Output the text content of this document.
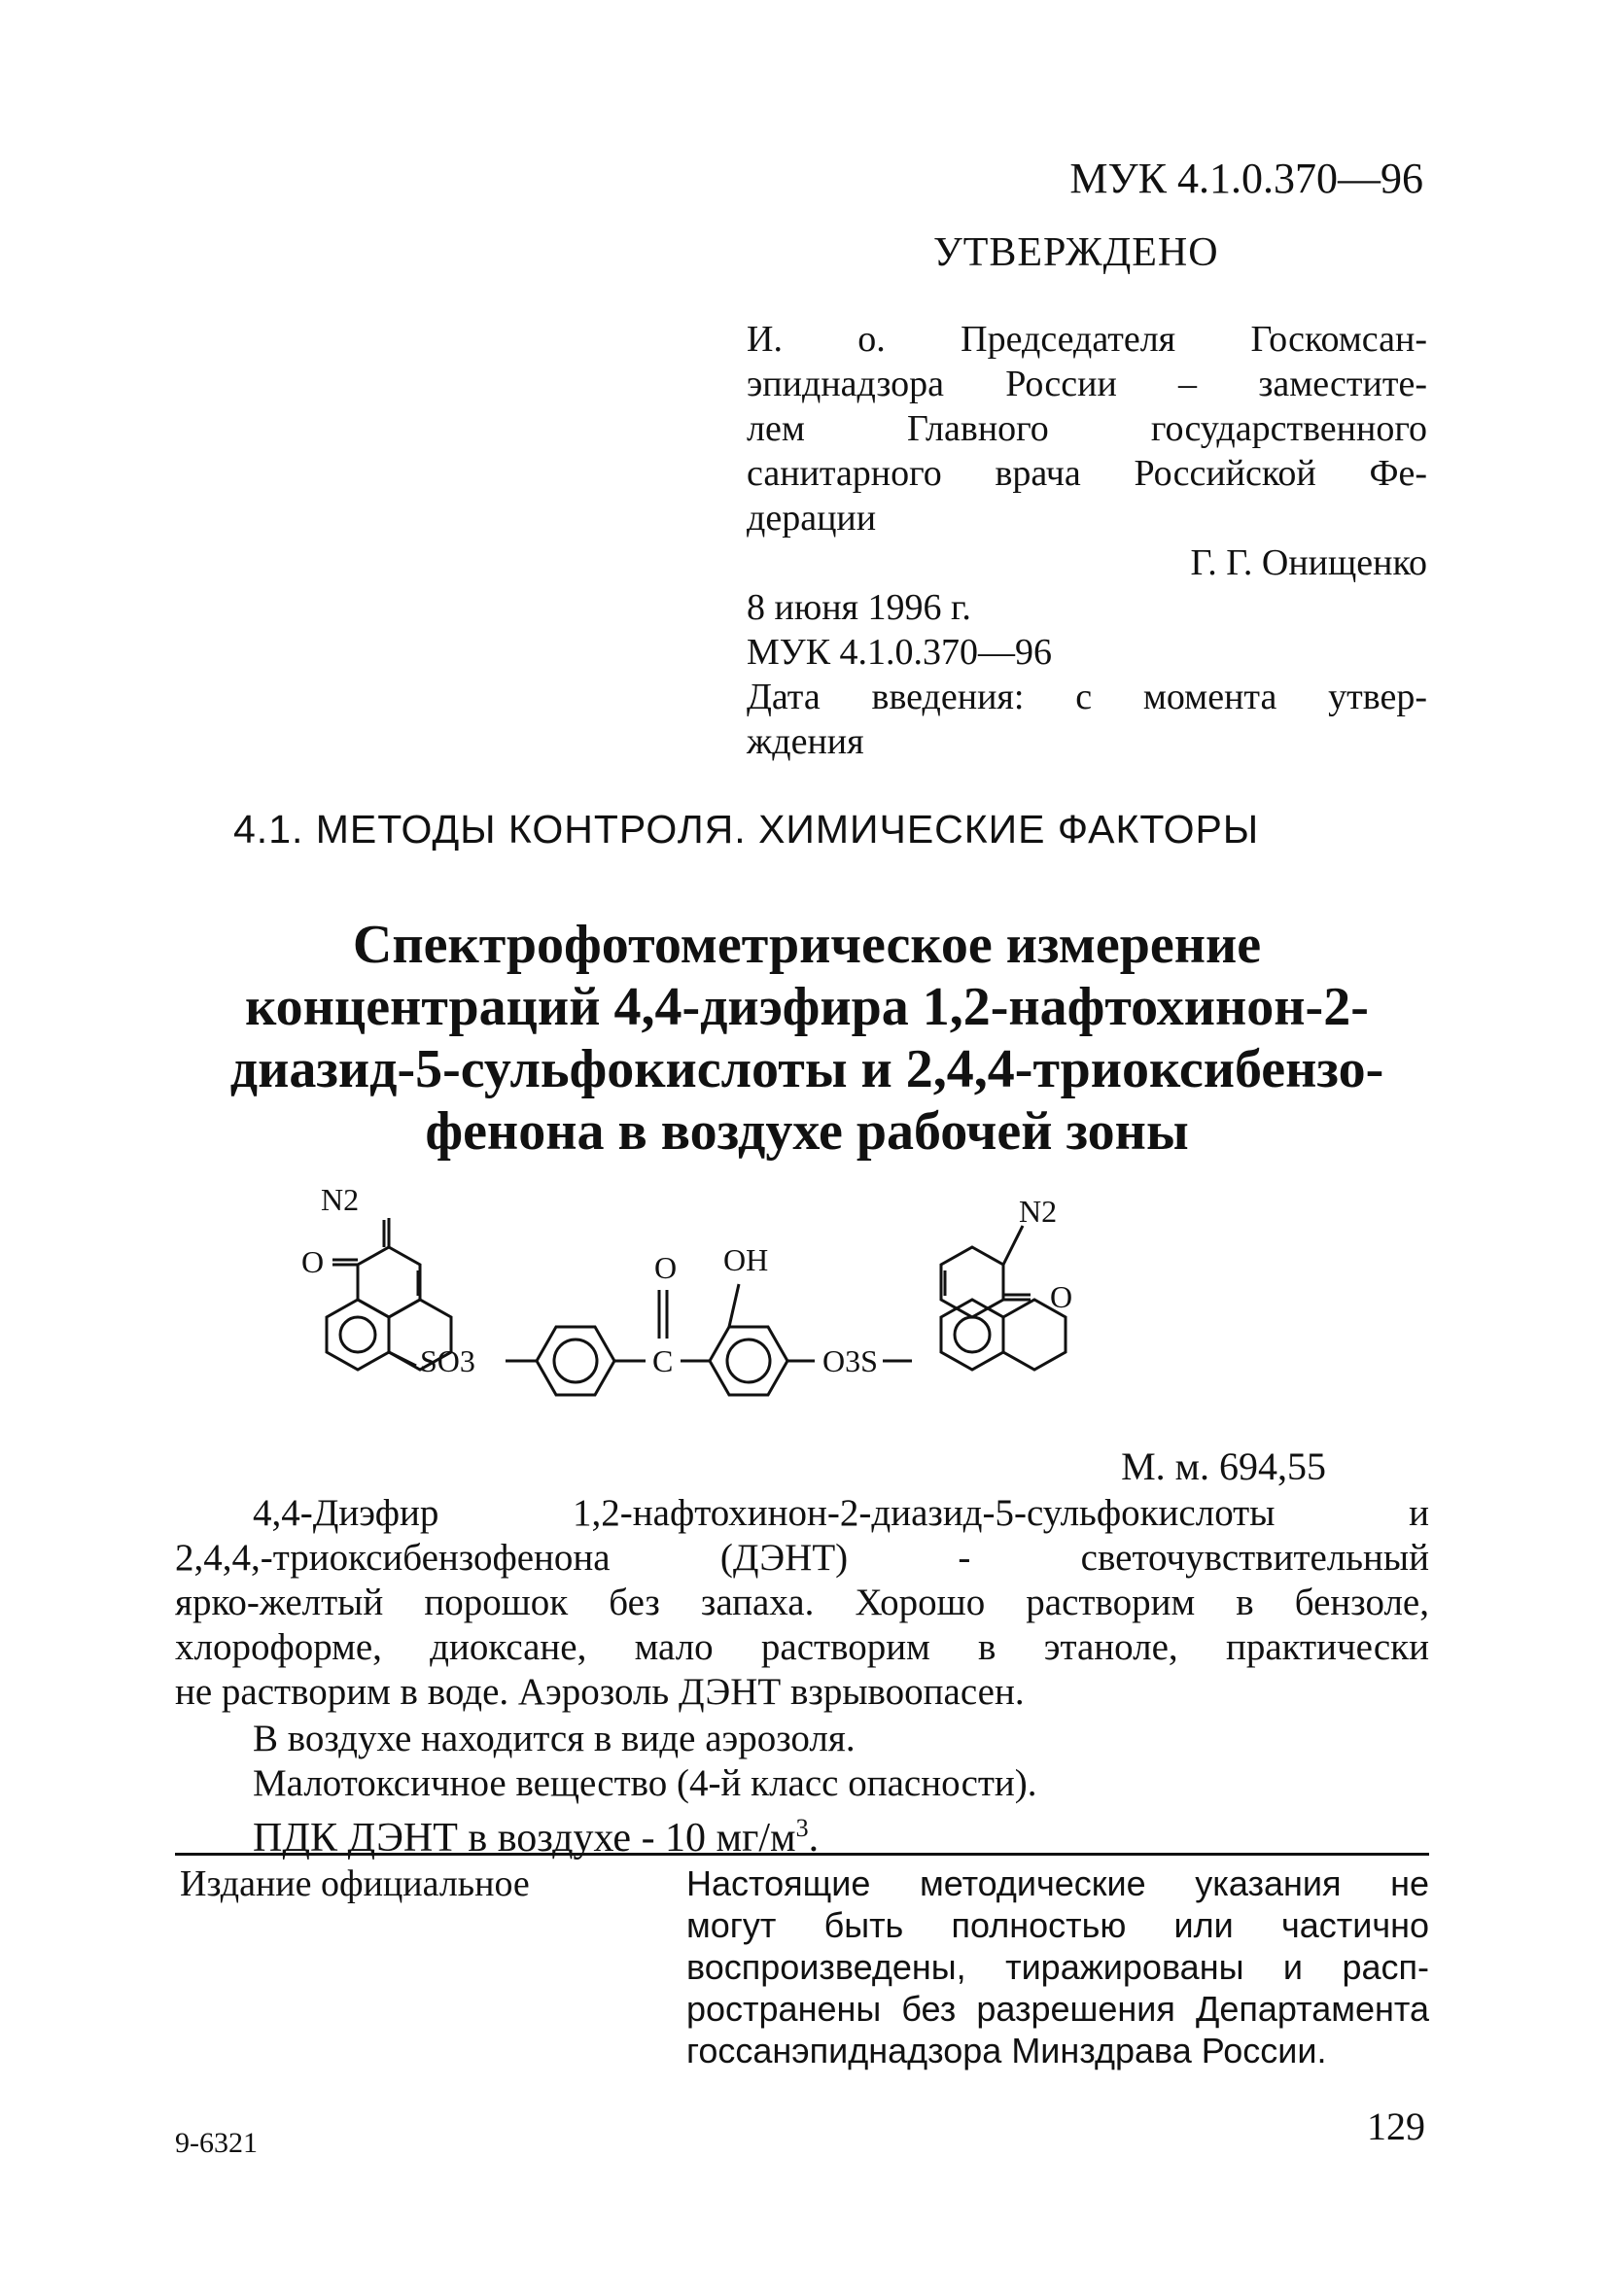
МУК 4.1.0.370—96
УТВЕРЖДЕНО

И. о. Председателя Госкомсан-

эпиднадзора России – заместите-

лем Главного государственного

санитарного врача Российской Фе-

дерации

Г. Г. Онищенко

8 июня 1996 г.

МУК 4.1.0.370—96

Дата введения: с момента утвер-

ждения

4.1. МЕТОДЫ КОНТРОЛЯ. ХИМИЧЕСКИЕ ФАКТОРЫ

Спектрофотометрическое измерение

концентраций 4,4-диэфира 1,2-нафтохинон-2-

диазид-5-сульфокислоты и 2,4,4-триоксибензо-

фенона в воздухе рабочей зоны

N2
O
SO3
O
C
OH
O3S
N2
O
М. м. 694,55

4,4-Диэфир 1,2-нафтохинон-2-диазид-5-сульфокислоты и

2,4,4,-триоксибензофенона (ДЭНТ) - светочувствительный

ярко-желтый порошок без запаха. Хорошо растворим в бензоле,

хлороформе, диоксане, мало растворим в этаноле, практически

не растворим в воде. Аэрозоль ДЭНТ взрывоопасен.

В воздухе находится в виде аэрозоля.

Малотоксичное вещество (4-й класс опасности).

ПДК ДЭНТ в воздухе - 10 $мг/м^3$.

Издание официальное	Настоящие методические указания не

могут быть полностью или частично

воспроизведены, тиражированы и расп-

ространены без разрешения Департамента

госсанэпиднадзора Минздрава России.

129
9-6321
